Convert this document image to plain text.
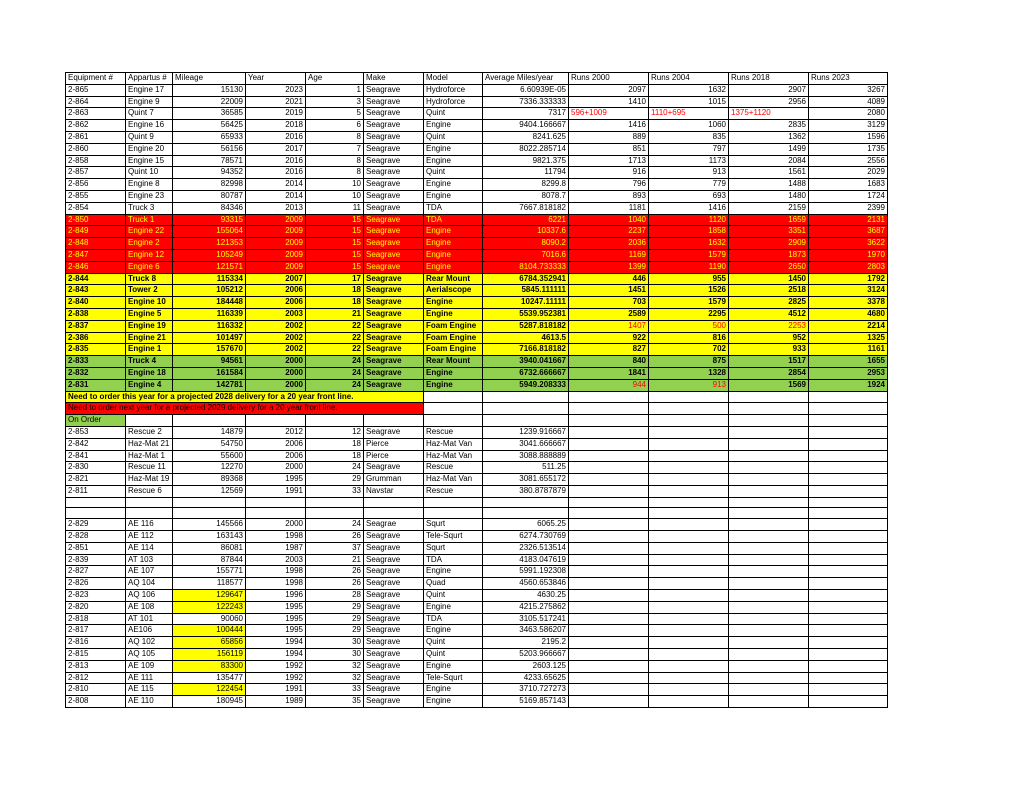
Equipment #	Appartus #	Mileage	Year	Age	Make	Model	Average Miles/year	Runs 2000	Runs 2004	Runs 2018	Runs 2023
2-865	Engine 17	15130	2023	1	Seagrave	Hydroforce	6.60939E-05	2097	1632	2907	3267
2-864	Engine 9	22009	2021	3	Seagrave	Hydroforce	7336.333333	1410	1015	2956	4089
2-863	Quint 7	36585	2019	5	Seagrave	Quint	7317	596+1009	1110+695	1375+1120	2080
2-862	Engine 16	56425	2018	6	Seagrave	Engine	9404.166667	1416	1060	2835	3129
2-861	Quint 9	65933	2016	8	Seagrave	Quint	8241.625	889	835	1362	1596
2-860	Engine 20	56156	2017	7	Seagrave	Engine	8022.285714	851	797	1499	1735
2-858	Engine 15	78571	2016	8	Seagrave	Engine	9821.375	1713	1173	2084	2556
2-857	Quint 10	94352	2016	8	Seagrave	Quint	11794	916	913	1561	2029
2-856	Engine 8	82998	2014	10	Seagrave	Engine	8299.8	796	779	1488	1683
2-855	Engine 23	80787	2014	10	Seagrave	Engine	8078.7	893	693	1480	1724
2-854	Truck 3	84346	2013	11	Seagrave	TDA	7667.818182	1181	1416	2159	2399
2-850	Truck 1	93315	2009	15	Seagrave	TDA	6221	1040	1120	1659	2131
2-849	Engine 22	155064	2009	15	Seagrave	Engine	10337.6	2237	1858	3351	3687
2-848	Engine 2	121353	2009	15	Seagrave	Engine	8090.2	2036	1632	2909	3622
2-847	Engine 12	105249	2009	15	Seagrave	Engine	7016.6	1169	1579	1873	1970
2-846	Engine 6	121571	2009	15	Seagrave	Engine	8104.733333	1399	1190	2650	2803
2-844	Truck 8	115334	2007	17	Seagrave	Rear Mount	6784.352941	446	955	1450	1792
2-843	Tower 2	105212	2006	18	Seagrave	Aerialscope	5845.111111	1451	1526	2518	3124
2-840	Engine 10	184448	2006	18	Seagrave	Engine	10247.11111	703	1579	2825	3378
2-838	Engine 5	116339	2003	21	Seagrave	Engine	5539.952381	2589	2295	4512	4680
2-837	Engine 19	116332	2002	22	Seagrave	Foam Engine	5287.818182	1407	500	2253	2214
2-386	Engine 21	101497	2002	22	Seagrave	Foam Engine	4613.5	922	816	952	1325
2-835	Engine 1	157670	2002	22	Seagrave	Foam Engine	7166.818182	827	702	933	1161
2-833	Truck 4	94561	2000	24	Seagrave	Rear Mount	3940.041667	840	875	1517	1655
2-832	Engine 18	161584	2000	24	Seagrave	Engine	6732.666667	1841	1328	2854	2953
2-831	Engine 4	142781	2000	24	Seagrave	Engine	5949.208333	944	913	1569	1924
Need to order this year for a projected 2028 delivery for a 20 year front line.											
Need to order next year for a projected 2029 delivery for a 20 year front line.											
On Order											
2-853	Rescue 2	14879	2012	12	Seagrave	Rescue	1239.916667				
2-842	Haz-Mat 21	54750	2006	18	Pierce	Haz-Mat Van	3041.666667				
2-841	Haz-Mat 1	55600	2006	18	Pierce	Haz-Mat Van	3088.888889				
2-830	Rescue 11	12270	2000	24	Seagrave	Rescue	511.25				
2-821	Haz-Mat 19	89368	1995	29	Grumman	Haz-Mat Van	3081.655172				
2-811	Rescue 6	12569	1991	33	Navstar	Rescue	380.8787879				

2-829	AE 116	145566	2000	24	Seagrae	Squrt	6065.25				
2-828	AE 112	163143	1998	26	Seagrave	Tele-Squrt	6274.730769				
2-851	AE 114	86081	1987	37	Seagrave	Squrt	2326.513514				
2-839	AT 103	87844	2003	21	Seagrave	TDA	4183.047619				
2-827	AE 107	155771	1998	26	Seagrave	Engine	5991.192308				
2-826	AQ 104	118577	1998	26	Seagrave	Quad	4560.653846				
2-823	AQ 106	129647	1996	28	Seagrave	Quint	4630.25				
2-820	AE 108	122243	1995	29	Seagrave	Engine	4215.275862				
2-818	AT 101	90060	1995	29	Seagrave	TDA	3105.517241				
2-817	AE106	100444	1995	29	Seagrave	Engine	3463.586207				
2-816	AQ 102	65856	1994	30	Seagrave	Quint	2195.2				
2-815	AQ 105	156119	1994	30	Seagrave	Quint	5203.966667				
2-813	AE 109	83300	1992	32	Seagrave	Engine	2603.125				
2-812	AE 111	135477	1992	32	Seagrave	Tele-Squrt	4233.65625				
2-810	AE 115	122454	1991	33	Seagrave	Engine	3710.727273				
2-808	AE 110	180945	1989	35	Seagrave	Engine	5169.857143				
